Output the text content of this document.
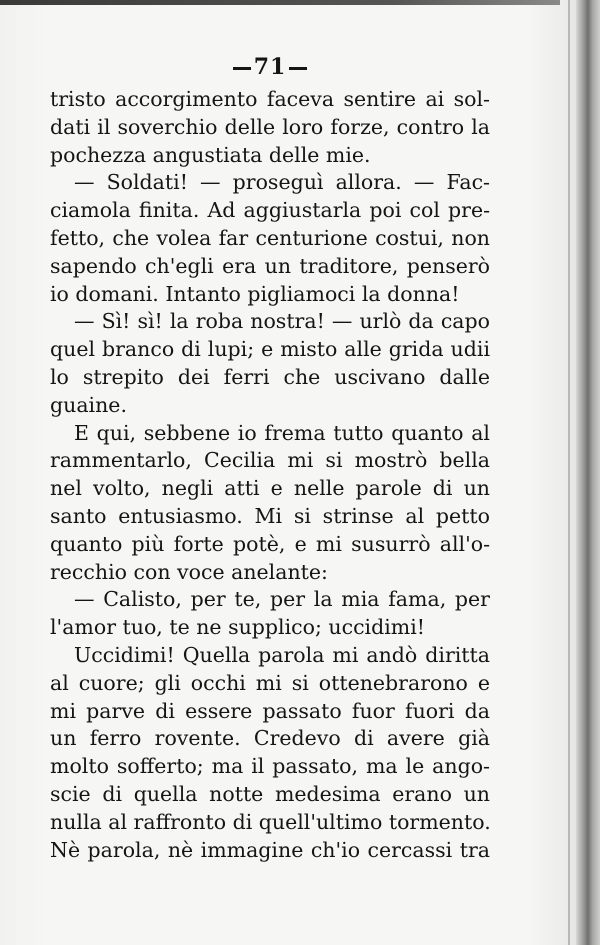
71
tristo accorgimento faceva sentire ai sol-
dati il soverchio delle loro forze, contro la
pochezza angustiata delle mie.
— Soldati! — proseguì allora. — Fac-
ciamola finita. Ad aggiustarla poi col pre-
fetto, che volea far centurione costui, non
sapendo ch'egli era un traditore, penserò
io domani. Intanto pigliamoci la donna!
— Sì! sì! la roba nostra! — urlò da capo
quel branco di lupi; e misto alle grida udii
lo strepito dei ferri che uscivano dalle
guaine.
E qui, sebbene io frema tutto quanto al
rammentarlo, Cecilia mi si mostrò bella
nel volto, negli atti e nelle parole di un
santo entusiasmo. Mi si strinse al petto
quanto più forte potè, e mi susurrò all'o-
recchio con voce anelante:
— Calisto, per te, per la mia fama, per
l'amor tuo, te ne supplico; uccidimi!
Uccidimi! Quella parola mi andò diritta
al cuore; gli occhi mi si ottenebrarono e
mi parve di essere passato fuor fuori da
un ferro rovente. Credevo di avere già
molto sofferto; ma il passato, ma le ango-
scie di quella notte medesima erano un
nulla al raffronto di quell'ultimo tormento.
Nè parola, nè immagine ch'io cercassi tra
